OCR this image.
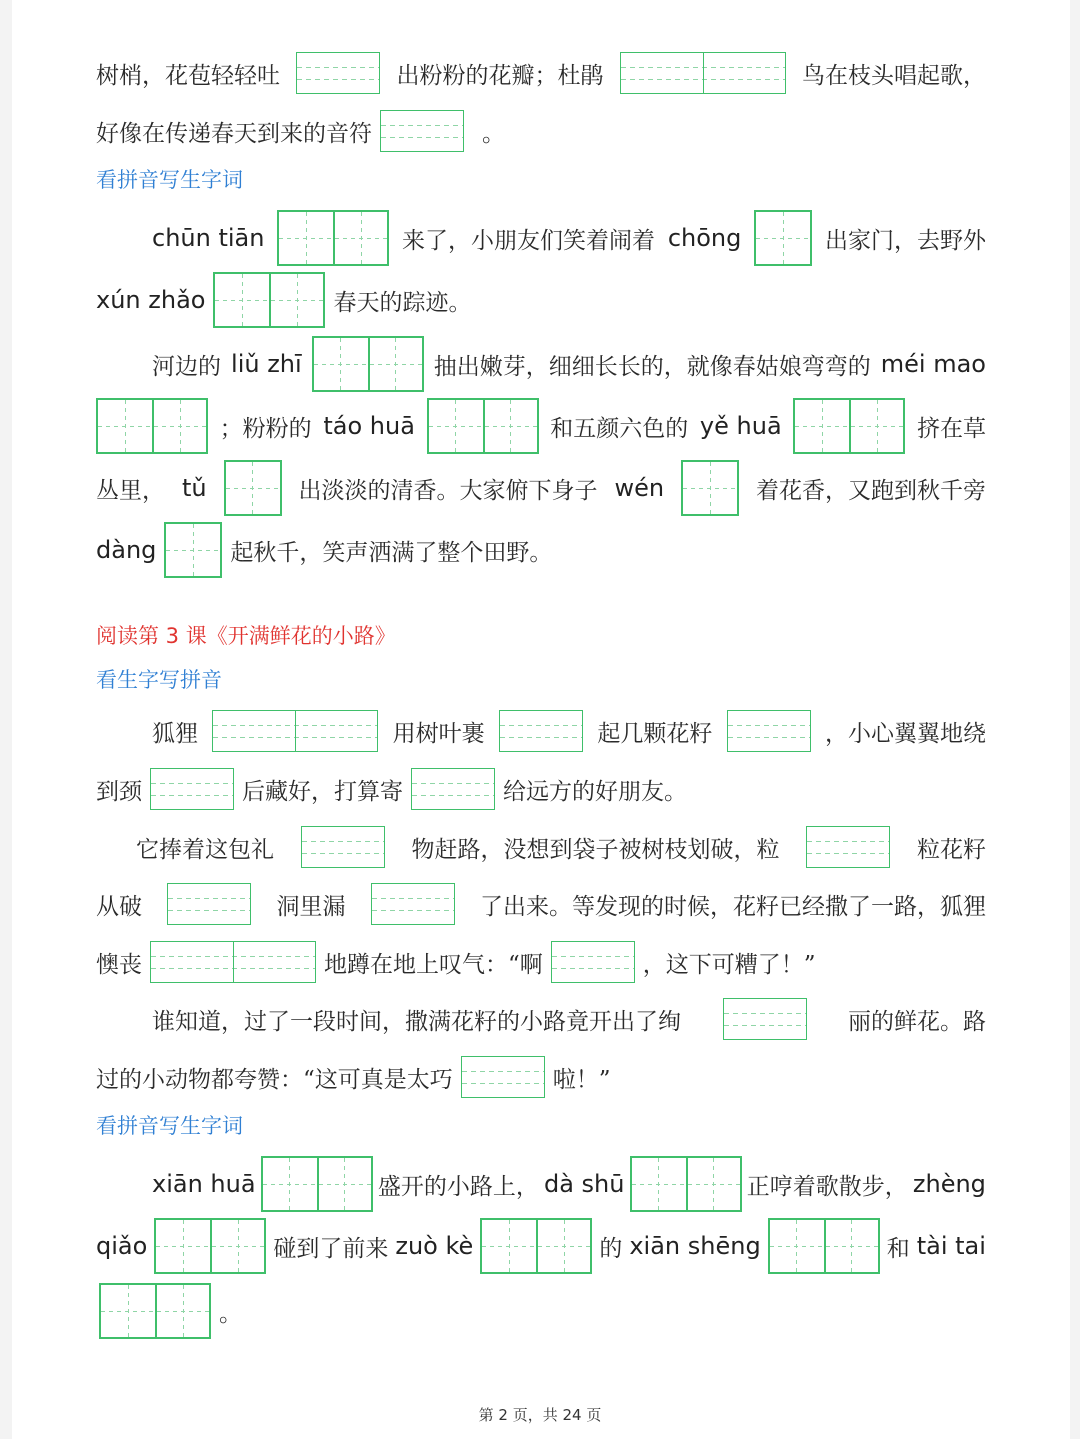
树梢，花苞轻轻吐	出粉粉的花瓣；杜鹃	鸟在枝头唱起歌，
好像在传递春天到来的音符	。
看拼音写生字词
chūn tiān	来了，小朋友们笑着闹着 chōng	出家门，去野外
xún zhǎo	春天的踪迹。
河边的 liǔ zhī	抽出嫩芽，细细长长的，就像春姑娘弯弯的 méi mao
；粉粉的 táo huā	和五颜六色的 yě huā	挤在草
丛里， tǔ	出淡淡的清香。大家俯下身子 wén	着花香，又跑到秋千旁
dàng	起秋千，笑声洒满了整个田野。
阅读第 3 课《开满鲜花的小路》
看生字写拼音
狐狸	用树叶裹	起几颗花籽	，小心翼翼地绕
到颈	后藏好，打算寄	给远方的好朋友。
它捧着这包礼	物赶路，没想到袋子被树枝划破，粒	粒花籽
从破	洞里漏	了出来。等发现的时候，花籽已经撒了一路，狐狸
懊丧	地蹲在地上叹气：“啊	，这下可糟了！”
谁知道，过了一段时间，撒满花籽的小路竟开出了绚	丽的鲜花。路
过的小动物都夸赞：“这可真是太巧	啦！”
看拼音写生字词
xiān huā	盛开的小路上， dà shū	正哼着歌散步， zhèng
qiǎo	碰到了前来 zuò kè	的 xiān shēng	和 tài tai
。
第 2 页，共 24 页
